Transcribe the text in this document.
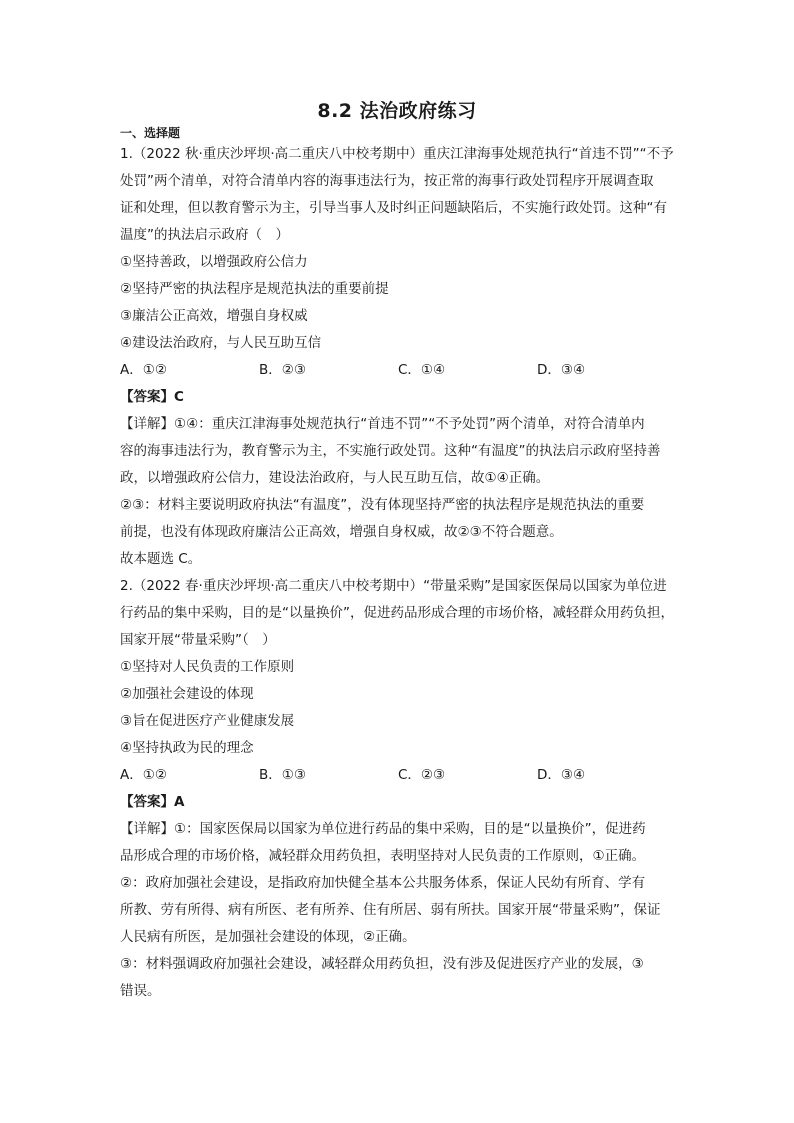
8.2 法治政府练习
一、选择题
1.（2022 秋·重庆沙坪坝·高二重庆八中校考期中）重庆江津海事处规范执行“首违不罚”“不予
处罚”两个清单，对符合清单内容的海事违法行为，按正常的海事行政处罚程序开展调查取
证和处理，但以教育警示为主，引导当事人及时纠正问题缺陷后，不实施行政处罚。这种“有
温度”的执法启示政府（　）
①坚持善政，以增强政府公信力
②坚持严密的执法程序是规范执法的重要前提
③廉洁公正高效，增强自身权威
④建设法治政府，与人民互助互信
A．①②	B．②③	C．①④	D．③④
【答案】C
【详解】①④：重庆江津海事处规范执行“首违不罚”“不予处罚”两个清单，对符合清单内
容的海事违法行为，教育警示为主，不实施行政处罚。这种“有温度”的执法启示政府坚持善
政，以增强政府公信力，建设法治政府，与人民互助互信，故①④正确。
②③：材料主要说明政府执法“有温度”，没有体现坚持严密的执法程序是规范执法的重要
前提，也没有体现政府廉洁公正高效，增强自身权威，故②③不符合题意。
故本题选 C。
2.（2022 春·重庆沙坪坝·高二重庆八中校考期中）“带量采购”是国家医保局以国家为单位进
行药品的集中采购，目的是“以量换价”，促进药品形成合理的市场价格，减轻群众用药负担，
国家开展“带量采购”（　）
①坚持对人民负责的工作原则
②加强社会建设的体现
③旨在促进医疗产业健康发展
④坚持执政为民的理念
A．①②	B．①③	C．②③	D．③④
【答案】A
【详解】①：国家医保局以国家为单位进行药品的集中采购，目的是“以量换价”，促进药
品形成合理的市场价格，减轻群众用药负担，表明坚持对人民负责的工作原则，①正确。
②：政府加强社会建设，是指政府加快健全基本公共服务体系，保证人民幼有所育、学有
所教、劳有所得、病有所医、老有所养、住有所居、弱有所扶。国家开展“带量采购”，保证
人民病有所医，是加强社会建设的体现，②正确。
③：材料强调政府加强社会建设，减轻群众用药负担，没有涉及促进医疗产业的发展，③
错误。
